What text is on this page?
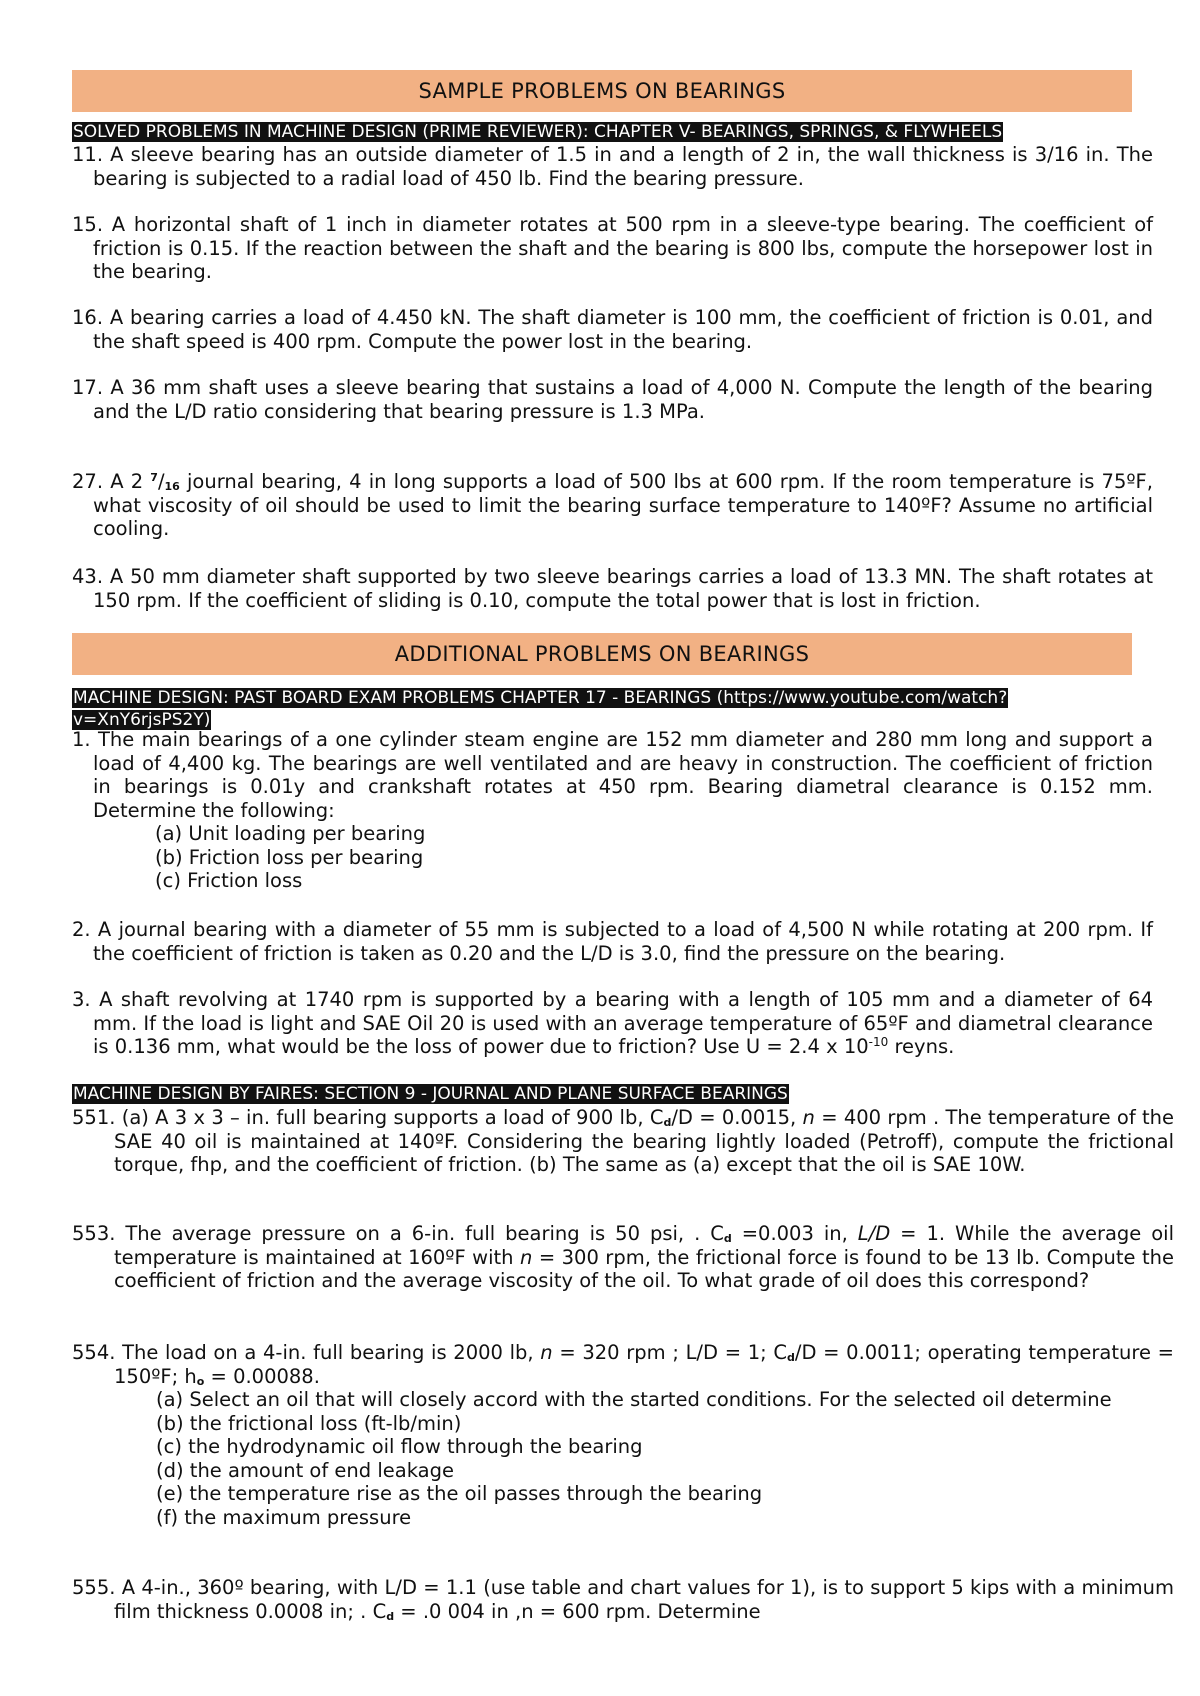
SAMPLE PROBLEMS ON BEARINGS
SOLVED PROBLEMS IN MACHINE DESIGN (PRIME REVIEWER): CHAPTER V- BEARINGS, SPRINGS, & FLYWHEELS
11. A sleeve bearing has an outside diameter of 1.5 in and a length of 2 in, the wall thickness is 3/16 in. The bearing is subjected to a radial load of 450 lb. Find the bearing pressure.
15. A horizontal shaft of 1 inch in diameter rotates at 500 rpm in a sleeve-type bearing. The coefficient of friction is 0.15. If the reaction between the shaft and the bearing is 800 lbs, compute the horsepower lost in the bearing.
16. A bearing carries a load of 4.450 kN. The shaft diameter is 100 mm, the coefficient of friction is 0.01, and the shaft speed is 400 rpm. Compute the power lost in the bearing.
17. A 36 mm shaft uses a sleeve bearing that sustains a load of 4,000 N. Compute the length of the bearing and the L/D ratio considering that bearing pressure is 1.3 MPa.
27. A 2 $^7/_{16}$ journal bearing, 4 in long supports a load of 500 lbs at 600 rpm. If the room temperature is 75ºF, what viscosity of oil should be used to limit the bearing surface temperature to 140ºF? Assume no artificial cooling.
43. A 50 mm diameter shaft supported by two sleeve bearings carries a load of 13.3 MN. The shaft rotates at 150 rpm. If the coefficient of sliding is 0.10, compute the total power that is lost in friction.
ADDITIONAL PROBLEMS ON BEARINGS
MACHINE DESIGN: PAST BOARD EXAM PROBLEMS CHAPTER 17 - BEARINGS (https://www.youtube.com/watch?
v=XnY6rjsPS2Y)
1. The main bearings of a one cylinder steam engine are 152 mm diameter and 280 mm long and support a load of 4,400 kg. The bearings are well ventilated and are heavy in construction. The coefficient of friction in bearings is 0.01y and crankshaft rotates at 450 rpm. Bearing diametral clearance is 0.152 mm. Determine the following:
(a) Unit loading per bearing
(b) Friction loss per bearing
(c) Friction loss
2. A journal bearing with a diameter of 55 mm is subjected to a load of 4,500 N while rotating at 200 rpm. If the coefficient of friction is taken as 0.20 and the L/D is 3.0, find the pressure on the bearing.
3. A shaft revolving at 1740 rpm is supported by a bearing with a length of 105 mm and a diameter of 64 mm. If the load is light and SAE Oil 20 is used with an average temperature of 65ºF and diametral clearance is 0.136 mm, what would be the loss of power due to friction? Use U = 2.4 x $10^{-10}$ reyns.
MACHINE DESIGN BY FAIRES: SECTION 9 - JOURNAL AND PLANE SURFACE BEARINGS
551. (a) A 3 x 3 – in. full bearing supports a load of 900 lb, $C_d/D = 0.0015$, n = 400 rpm . The temperature of the SAE 40 oil is maintained at 140ºF. Considering the bearing lightly loaded (Petroff), compute the frictional torque, fhp, and the coefficient of friction. (b) The same as (a) except that the oil is SAE 10W.
553. The average pressure on a 6-in. full bearing is 50 psi, . $C_d =0.003$ in, L/D = 1. While the average oil temperature is maintained at 160ºF with n = 300 rpm, the frictional force is found to be 13 lb. Compute the coefficient of friction and the average viscosity of the oil. To what grade of oil does this correspond?
554. The load on a 4-in. full bearing is 2000 lb, n = 320 rpm ; L/D = 1; $C_d/D = 0.0011$; operating temperature = 150ºF; $h_o = 0.00088$.
(a) Select an oil that will closely accord with the started conditions. For the selected oil determine
(b) the frictional loss (ft-lb/min)
(c) the hydrodynamic oil flow through the bearing
(d) the amount of end leakage
(e) the temperature rise as the oil passes through the bearing
(f) the maximum pressure
555. A 4-in., 360º bearing, with L/D = 1.1 (use table and chart values for 1), is to support 5 kips with a minimum film thickness 0.0008 in; . $C_d = .0$ 004 in ,n = 600 rpm. Determine
